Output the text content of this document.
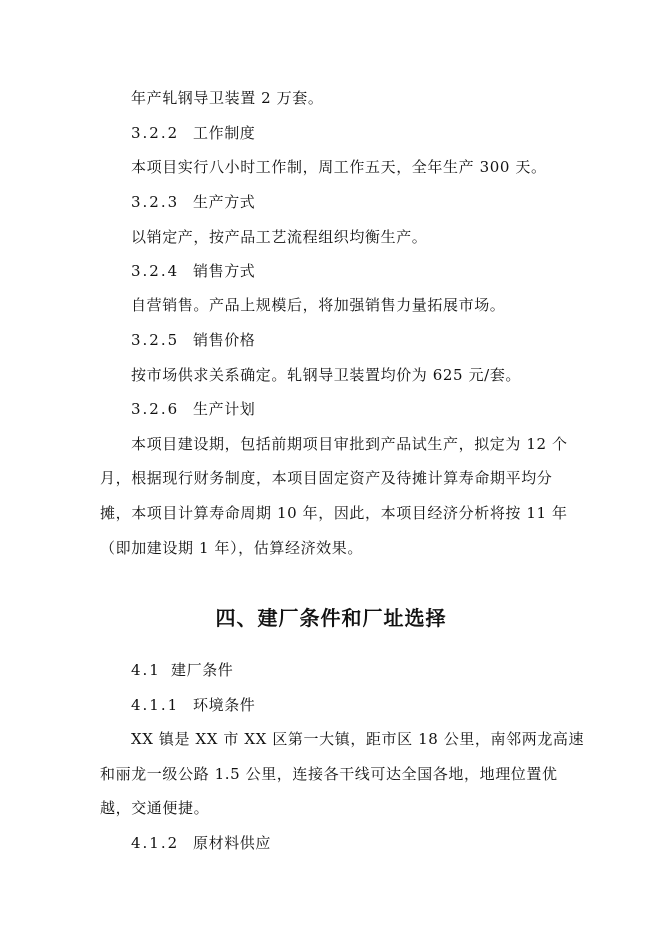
年产轧钢导卫装置 2 万套。
3.2.2 工作制度
本项目实行八小时工作制，周工作五天，全年生产 300 天。
3.2.3 生产方式
以销定产，按产品工艺流程组织均衡生产。
3.2.4 销售方式
自营销售。产品上规模后，将加强销售力量拓展市场。
3.2.5 销售价格
按市场供求关系确定。轧钢导卫装置均价为 625 元/套。
3.2.6 生产计划
本项目建设期，包括前期项目审批到产品试生产，拟定为 12 个
月，根据现行财务制度，本项目固定资产及待摊计算寿命期平均分
摊，本项目计算寿命周期 10 年，因此，本项目经济分析将按 11 年
（即加建设期 1 年），估算经济效果。
四、建厂条件和厂址选择
4.1 建厂条件
4.1.1 环境条件
XX 镇是 XX 市 XX 区第一大镇，距市区 18 公里，南邻两龙高速
和丽龙一级公路 1.5 公里，连接各干线可达全国各地，地理位置优
越，交通便捷。
4.1.2 原材料供应
